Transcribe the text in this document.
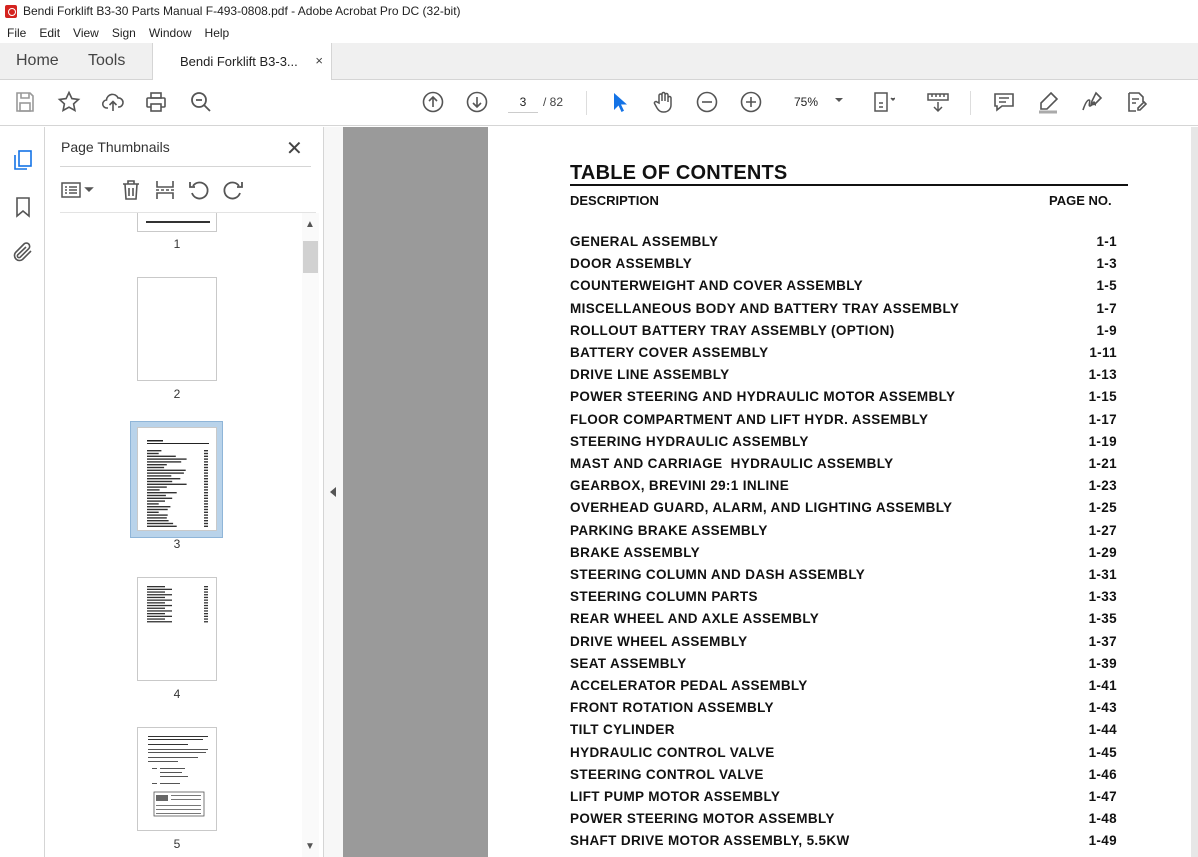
Bendi Forklift B3-30 Parts Manual F-493-0808.pdf - Adobe Acrobat Pro DC (32-bit)
File Edit View Sign Window Help
Home Tools	Bendi Forklift B3-3... ×
3	/ 82	75%
Page Thumbnails	✕
1
2
3
4
5
▲
▼
TABLE OF CONTENTS
DESCRIPTION	PAGE NO.
GENERAL ASSEMBLY	1-1
DOOR ASSEMBLY	1-3
COUNTERWEIGHT AND COVER ASSEMBLY	1-5
MISCELLANEOUS BODY AND BATTERY TRAY ASSEMBLY	1-7
ROLLOUT BATTERY TRAY ASSEMBLY (OPTION)	1-9
BATTERY COVER ASSEMBLY	1-11
DRIVE LINE ASSEMBLY	1-13
POWER STEERING AND HYDRAULIC MOTOR ASSEMBLY	1-15
FLOOR COMPARTMENT AND LIFT HYDR. ASSEMBLY	1-17
STEERING HYDRAULIC ASSEMBLY	1-19
MAST AND CARRIAGE  HYDRAULIC ASSEMBLY	1-21
GEARBOX, BREVINI 29:1 INLINE	1-23
OVERHEAD GUARD, ALARM, AND LIGHTING ASSEMBLY	1-25
PARKING BRAKE ASSEMBLY	1-27
BRAKE ASSEMBLY	1-29
STEERING COLUMN AND DASH ASSEMBLY	1-31
STEERING COLUMN PARTS	1-33
REAR WHEEL AND AXLE ASSEMBLY	1-35
DRIVE WHEEL ASSEMBLY	1-37
SEAT ASSEMBLY	1-39
ACCELERATOR PEDAL ASSEMBLY	1-41
FRONT ROTATION ASSEMBLY	1-43
TILT CYLINDER	1-44
HYDRAULIC CONTROL VALVE	1-45
STEERING CONTROL VALVE	1-46
LIFT PUMP MOTOR ASSEMBLY	1-47
POWER STEERING MOTOR ASSEMBLY	1-48
SHAFT DRIVE MOTOR ASSEMBLY, 5.5KW	1-49
